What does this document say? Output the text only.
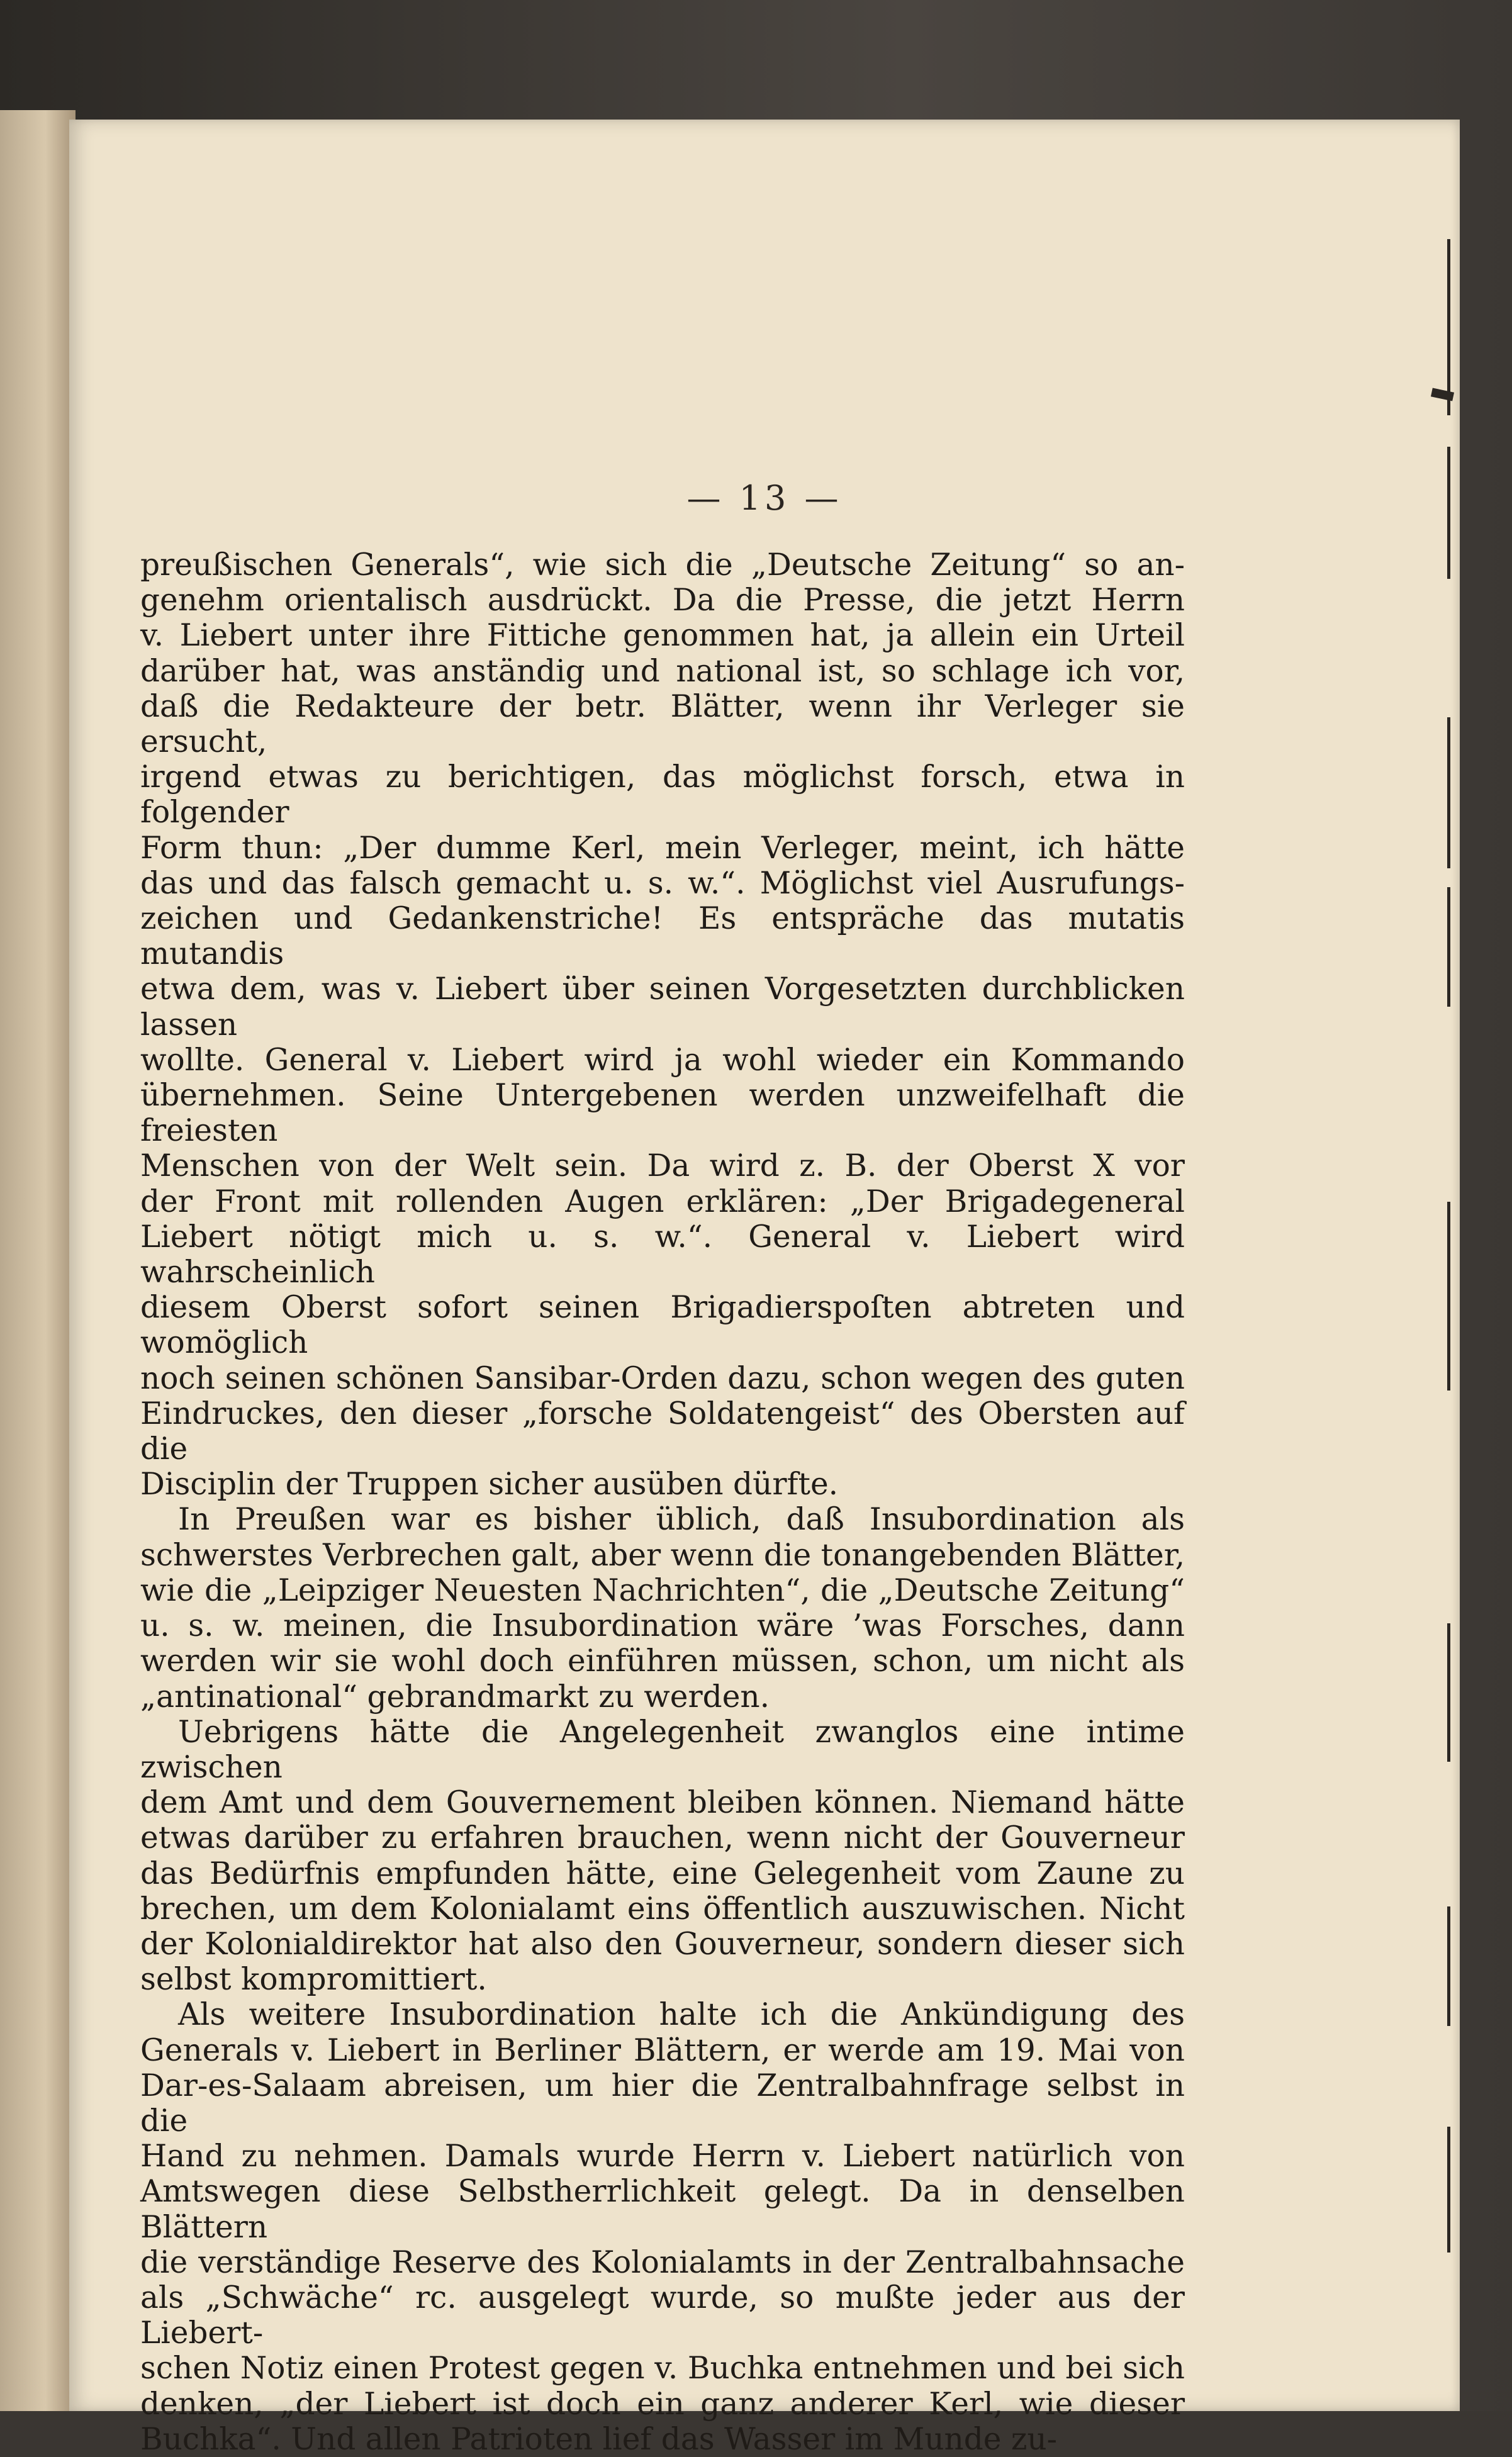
— 13 —

preußischen Generals“, wie sich die „Deutsche Zeitung“ so an-

genehm orientalisch ausdrückt. Da die Presse, die jetzt Herrn

v. Liebert unter ihre Fittiche genommen hat, ja allein ein Urteil

darüber hat, was anständig und national ist, so schlage ich vor,

daß die Redakteure der betr. Blätter, wenn ihr Verleger sie ersucht,

irgend etwas zu berichtigen, das möglichst forsch, etwa in folgender

Form thun: „Der dumme Kerl, mein Verleger, meint, ich hätte

das und das falsch gemacht u. s. w.“. Möglichst viel Ausrufungs-

zeichen und Gedankenstriche! Es entspräche das mutatis mutandis

etwa dem, was v. Liebert über seinen Vorgesetzten durchblicken lassen

wollte. General v. Liebert wird ja wohl wieder ein Kommando

übernehmen. Seine Untergebenen werden unzweifelhaft die freiesten

Menschen von der Welt sein. Da wird z. B. der Oberst X vor

der Front mit rollenden Augen erklären: „Der Brigadegeneral

Liebert nötigt mich u. s. w.“. General v. Liebert wird wahrscheinlich

diesem Oberst sofort seinen Brigadierspoſten abtreten und womöglich

noch seinen schönen Sansibar-Orden dazu, schon wegen des guten

Eindruckes, den dieser „forsche Soldatengeist“ des Obersten auf die

Disciplin der Truppen sicher ausüben dürfte.

In Preußen war es bisher üblich, daß Insubordination als

schwerstes Verbrechen galt, aber wenn die tonangebenden Blätter,

wie die „Leipziger Neuesten Nachrichten“, die „Deutsche Zeitung“

u. s. w. meinen, die Insubordination wäre ’was Forsches, dann

werden wir sie wohl doch einführen müssen, schon, um nicht als

„antinational“ gebrandmarkt zu werden.

Uebrigens hätte die Angelegenheit zwanglos eine intime zwischen

dem Amt und dem Gouvernement bleiben können. Niemand hätte

etwas darüber zu erfahren brauchen, wenn nicht der Gouverneur

das Bedürfnis empfunden hätte, eine Gelegenheit vom Zaune zu

brechen, um dem Kolonialamt eins öffentlich auszuwischen. Nicht

der Kolonialdirektor hat also den Gouverneur, sondern dieser sich

selbst kompromittiert.

Als weitere Insubordination halte ich die Ankündigung des

Generals v. Liebert in Berliner Blättern, er werde am 19. Mai von

Dar-es-Salaam abreisen, um hier die Zentralbahnfrage selbst in die

Hand zu nehmen. Damals wurde Herrn v. Liebert natürlich von

Amtswegen diese Selbstherrlichkeit gelegt. Da in denselben Blättern

die verständige Reserve des Kolonialamts in der Zentralbahnsache

als „Schwäche“ rc. ausgelegt wurde, so mußte jeder aus der Liebert-

schen Notiz einen Protest gegen v. Buchka entnehmen und bei sich

denken, „der Liebert ist doch ein ganz anderer Kerl, wie dieser

Buchka“. Und allen Patrioten lief das Wasser im Munde zu-
